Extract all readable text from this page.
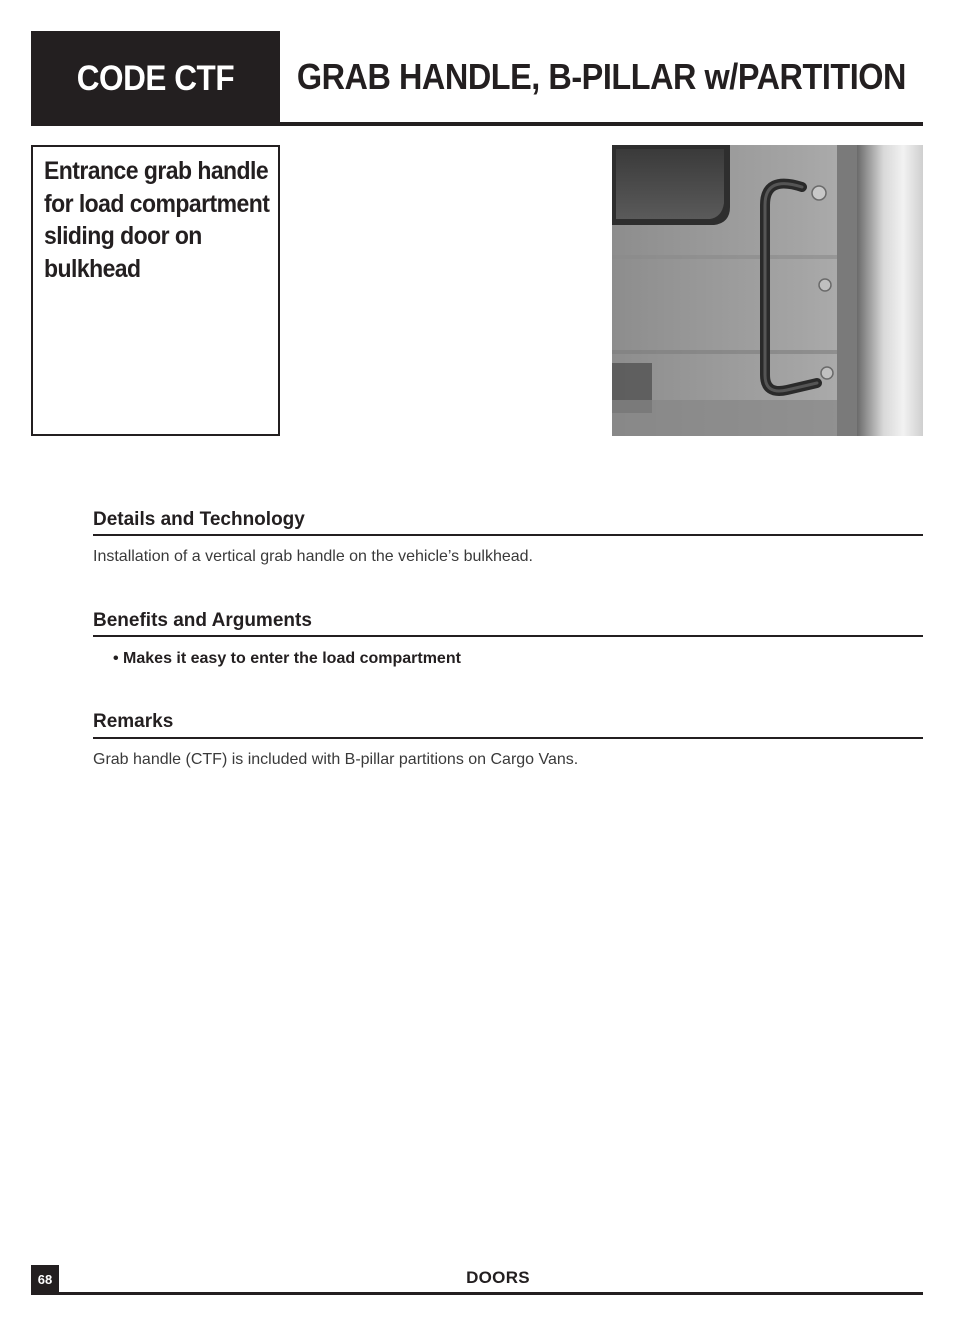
CODE CTF GRAB HANDLE, B-PILLAR w/PARTITION

Entrance grab handle for load compartment sliding door on bulkhead

Details and Technology
Installation of a vertical grab handle on the vehicle’s bulkhead.
Benefits and Arguments
• Makes it easy to enter the load compartment
Remarks
Grab handle (CTF) is included with B-pillar partitions on Cargo Vans.
68	DOORS
